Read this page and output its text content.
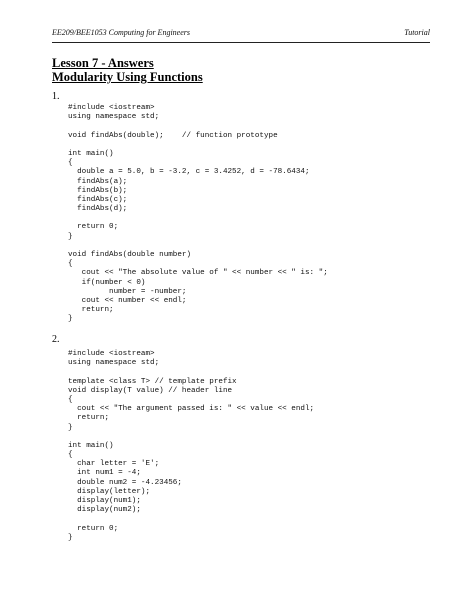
EE209/BEE1053 Computing for Engineers	Tutorial
Lesson 7 - Answers
Modularity Using Functions
1.
#include <iostream>
using namespace std;
void findAbs(double);    // function prototype
int main()
{
double a = 5.0, b = -3.2, c = 3.4252, d = -78.6434;
findAbs(a);
findAbs(b);
findAbs(c);
findAbs(d);
return 0;
}
void findAbs(double number)
{
cout << "The absolute value of " << number << " is: ";
if(number < 0)
number = -number;
cout << number << endl;
return;
}
2.
#include <iostream>
using namespace std;
template <class T> // template prefix
void display(T value) // header line
{
cout << "The argument passed is: " << value << endl;
return;
}
int main()
{
char letter = 'E';
int num1 = -4;
double num2 = -4.23456;
display(letter);
display(num1);
display(num2);
return 0;
}
